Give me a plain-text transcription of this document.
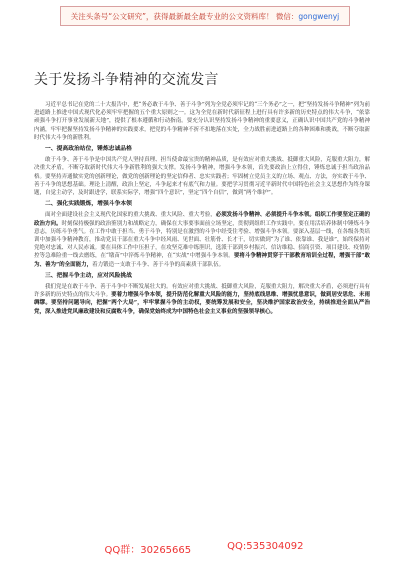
关注头条号“公文研究”，获得最新最全最专业的公文资料库！ 微信： gongwenyj
关于发扬斗争精神的交流发言

习近平总书记在党的二十大报告中，把“务必敢于斗争、善于斗争”列为全党必须牢记的“三个务必”之一，把“坚持发扬斗争精神”列为前进道路上推进中国式现代化必须牢牢把握的五个重大原则之一。这为全党在新时代新征程上进行具有许多新的历史特点的伟大斗争，“依靠顽强斗争打开事业发展新天地”，提供了根本遵循和行动指南。要充分认识坚持发扬斗争精神的重要意义，正确认识中国共产党的斗争精神内涵，牢牢把握坚持发扬斗争精神的实践要求，把党的斗争精神不折不扣地落在实处，全力战胜前进道路上的各种困难和挑战，不断夺取新时代伟大斗争的新胜利。

一、提高政治站位，锤炼忠诚品格

敢于斗争、善于斗争是中国共产党人坚持真理、担当使命最宝贵的精神品质，是有效应对重大挑战、抵御重大风险，克服重大阻力，解决重大矛盾，不断夺取新时代伟大斗争新胜利的强大支撑。发扬斗争精神，增强斗争本领，首先要政治上立得住，锤炼忠诚于担当政治品格。要坚持弄通做实党的创新理论，做党的创新理论的坚定信仰者、忠实实践者；牢固树立党员主义的立场、观点、方法，夯实敢于斗争、善于斗争的思想基础。理论上清醒，政治上坚定，斗争起来才有底气和力量。要把学习贯彻习近平新时代中国特色社会主义思想作为终身课题，自觉主动学，及时跟进学，联系实际学，增强“四个意识”，坚定“四个自信”，做到“两个维护”。

二、强化实践锻炼，增强斗争本领

面对全面建设社会主义现代化国家的重大挑战、重大风险、重大考验，必须发扬斗争精神、必须提升斗争本领。组织工作要坚定正确的政治方向。时刻保持极强的政治鉴别力和战略定力，确保在大事要事面前立场坚定，贯彻到组织工作实践中。要在用活培养体制中锤炼斗争意志，历练斗争勇气。在工作中敢于担当、勇于斗争，特别是在激烈的斗争中经受住考验、增强斗争本领。要深入基层一线，在各级各类培训中加强斗争精神教育，推动党员干部在重大斗争中经风雨、见世面、壮筋骨、长才干，切实做到“为了谁、依靠谁、我是谁”，始终保持对党绝对忠诚、对人民赤诚。要在具体工作中压担子，在攻坚克难中练胆识，选派干部到乡村振兴、信访维稳、招商引资、项目建设、疫情防控等急难险重一线去磨练，在“墩苗”中淬炼斗争精神，在“实战”中增强斗争本领。要将斗争精神贯穿于干部教育培训全过程，增强干部“敢为、善为”的全面能力，着力锻造一支敢于斗争、善于斗争的高素质干部队伍。

三、把握斗争主动，应对风险挑战

我们党是在敢于斗争、善于斗争中不断发展壮大的。有效应对重大挑战、抵御重大风险，克服重大阻力，解决重大矛盾，必须进行具有许多新的历史特点的伟大斗争。要着力增强斗争本领，提升防范化解重大风险的能力，坚持底线思维、增强忧患意识，做到居安思危、未雨绸缪。要坚持问题导向，把握“两个大局”，牢牢掌握斗争的主动权，要统筹发展和安全，坚决维护国家政治安全，持续推进全面从严治党，深入推进党风廉政建设和反腐败斗争，确保党始终成为中国特色社会主义事业的坚强领导核心。

QQ群：30265665	QQ:535304092
